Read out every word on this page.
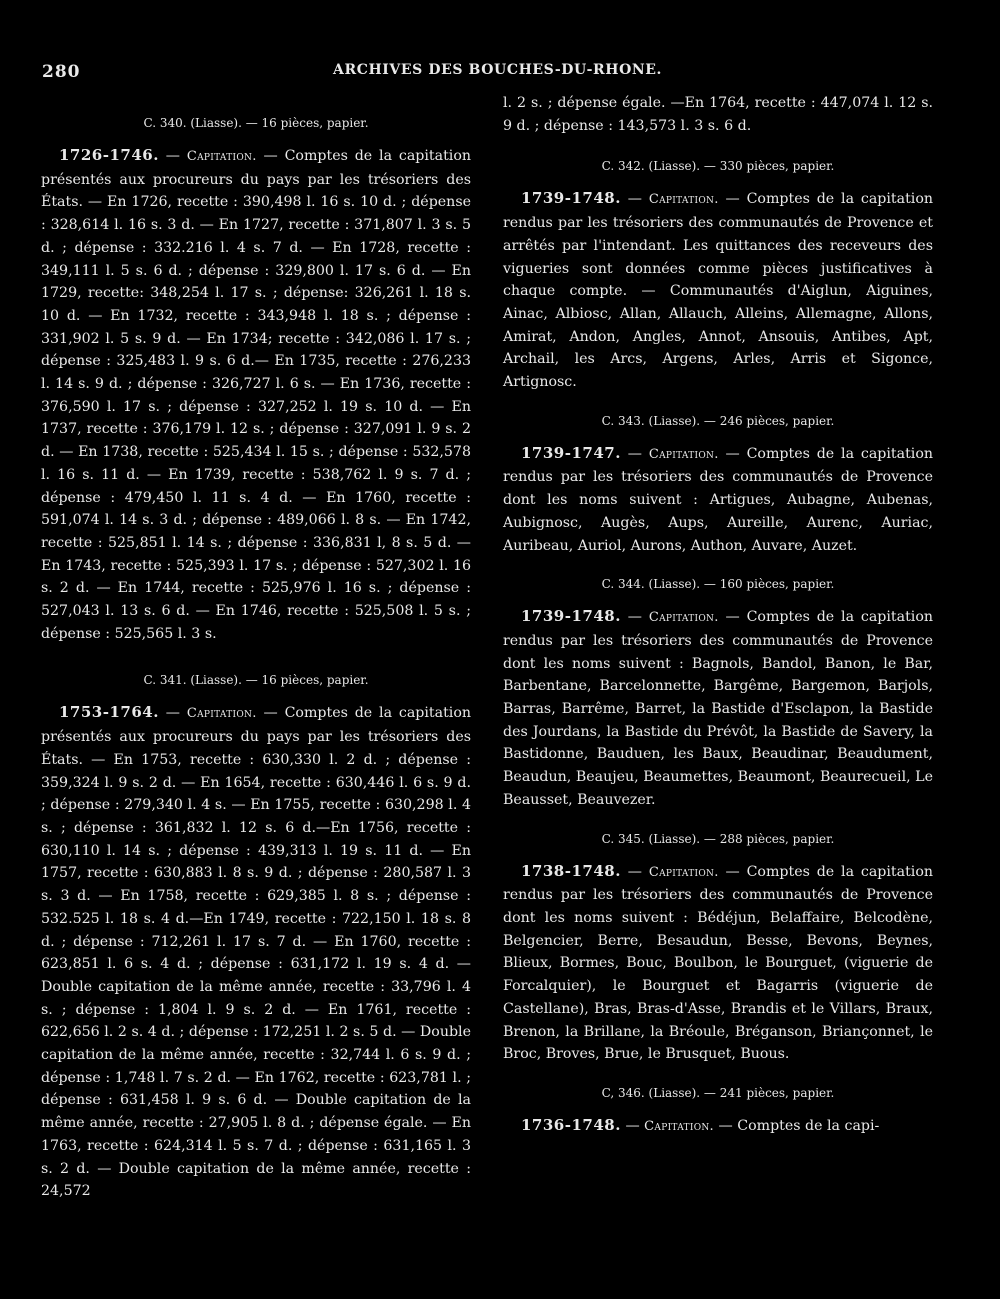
280	ARCHIVES DES BOUCHES-DU-RHONE.

C. 340. (Liasse). — 16 pièces, papier.

1726-1746. — Capitation. — Comptes de la capitation présentés aux procureurs du pays par les trésoriers des États. — En 1726, recette : 390,498 l. 16 s. 10 d. ; dépense : 328,614 l. 16 s. 3 d. — En 1727, recette : 371,807 l. 3 s. 5 d. ; dépense : 332.216 l. 4 s. 7 d. — En 1728, recette : 349,111 l. 5 s. 6 d. ; dépense : 329,800 l. 17 s. 6 d. — En 1729, recette: 348,254 l. 17 s. ; dépense: 326,261 l. 18 s. 10 d. — En 1732, recette : 343,948 l. 18 s. ; dépense : 331,902 l. 5 s. 9 d. — En 1734; recette : 342,086 l. 17 s. ; dépense : 325,483 l. 9 s. 6 d.— En 1735, recette : 276,233 l. 14 s. 9 d. ; dépense : 326,727 l. 6 s. — En 1736, recette : 376,590 l. 17 s. ; dépense : 327,252 l. 19 s. 10 d. — En 1737, recette : 376,179 l. 12 s. ; dépense : 327,091 l. 9 s. 2 d. — En 1738, recette : 525,434 l. 15 s. ; dépense : 532,578 l. 16 s. 11 d. — En 1739, recette : 538,762 l. 9 s. 7 d. ; dépense : 479,450 l. 11 s. 4 d. — En 1760, recette : 591,074 l. 14 s. 3 d. ; dépense : 489,066 l. 8 s. — En 1742, recette : 525,851 l. 14 s. ; dépense : 336,831 l, 8 s. 5 d. — En 1743, recette : 525,393 l. 17 s. ; dépense : 527,302 l. 16 s. 2 d. — En 1744, recette : 525,976 l. 16 s. ; dépense : 527,043 l. 13 s. 6 d. — En 1746, recette : 525,508 l. 5 s. ; dépense : 525,565 l. 3 s.

C. 341. (Liasse). — 16 pièces, papier.

1753-1764. — Capitation. — Comptes de la capitation présentés aux procureurs du pays par les trésoriers des États. — En 1753, recette : 630,330 l. 2 d. ; dépense : 359,324 l. 9 s. 2 d. — En 1654, recette : 630,446 l. 6 s. 9 d. ; dépense : 279,340 l. 4 s. — En 1755, recette : 630,298 l. 4 s. ; dépense : 361,832 l. 12 s. 6 d.—En 1756, recette : 630,110 l. 14 s. ; dépense : 439,313 l. 19 s. 11 d. — En 1757, recette : 630,883 l. 8 s. 9 d. ; dépense : 280,587 l. 3 s. 3 d. — En 1758, recette : 629,385 l. 8 s. ; dépense : 532.525 l. 18 s. 4 d.—En 1749, recette : 722,150 l. 18 s. 8 d. ; dépense : 712,261 l. 17 s. 7 d. — En 1760, recette : 623,851 l. 6 s. 4 d. ; dépense : 631,172 l. 19 s. 4 d. — Double capitation de la même année, recette : 33,796 l. 4 s. ; dépense : 1,804 l. 9 s. 2 d. — En 1761, recette : 622,656 l. 2 s. 4 d. ; dépense : 172,251 l. 2 s. 5 d. — Double capitation de la même année, recette : 32,744 l. 6 s. 9 d. ; dépense : 1,748 l. 7 s. 2 d. — En 1762, recette : 623,781 l. ; dépense : 631,458 l. 9 s. 6 d. — Double capitation de la même année, recette : 27,905 l. 8 d. ; dépense égale. — En 1763, recette : 624,314 l. 5 s. 7 d. ; dépense : 631,165 l. 3 s. 2 d. — Double capitation de la même année, recette : 24,572

l. 2 s. ; dépense égale. —En 1764, recette : 447,074 l. 12 s. 9 d. ; dépense : 143,573 l. 3 s. 6 d.

C. 342. (Liasse). — 330 pièces, papier.

1739-1748. — Capitation. — Comptes de la capitation rendus par les trésoriers des communautés de Provence et arrêtés par l'intendant. Les quittances des receveurs des vigueries sont données comme pièces justificatives à chaque compte. — Communautés d'Aiglun, Aiguines, Ainac, Albiosc, Allan, Allauch, Alleins, Allemagne, Allons, Amirat, Andon, Angles, Annot, Ansouis, Antibes, Apt, Archail, les Arcs, Argens, Arles, Arris et Sigonce, Artignosc.

C. 343. (Liasse). — 246 pièces, papier.

1739-1747. — Capitation. — Comptes de la capitation rendus par les trésoriers des communautés de Provence dont les noms suivent : Artigues, Aubagne, Aubenas, Aubignosc, Augès, Aups, Aureille, Aurenc, Auriac, Auribeau, Auriol, Aurons, Authon, Auvare, Auzet.

C. 344. (Liasse). — 160 pièces, papier.

1739-1748. — Capitation. — Comptes de la capitation rendus par les trésoriers des communautés de Provence dont les noms suivent : Bagnols, Bandol, Banon, le Bar, Barbentane, Barcelonnette, Bargême, Bargemon, Barjols, Barras, Barrême, Barret, la Bastide d'Esclapon, la Bastide des Jourdans, la Bastide du Prévôt, la Bastide de Savery, la Bastidonne, Bauduen, les Baux, Beaudinar, Beaudument, Beaudun, Beaujeu, Beaumettes, Beaumont, Beaurecueil, Le Beausset, Beauvezer.

C. 345. (Liasse). — 288 pièces, papier.

1738-1748. — Capitation. — Comptes de la capitation rendus par les trésoriers des communautés de Provence dont les noms suivent : Bédéjun, Belaffaire, Belcodène, Belgencier, Berre, Besaudun, Besse, Bevons, Beynes, Blieux, Bormes, Bouc, Boulbon, le Bourguet, (viguerie de Forcalquier), le Bourguet et Bagarris (viguerie de Castellane), Bras, Bras-d'Asse, Brandis et le Villars, Braux, Brenon, la Brillane, la Bréoule, Bréganson, Briançonnet, le Broc, Broves, Brue, le Brusquet, Buous.

C, 346. (Liasse). — 241 pièces, papier.

1736-1748. — Capitation. — Comptes de la capi-
